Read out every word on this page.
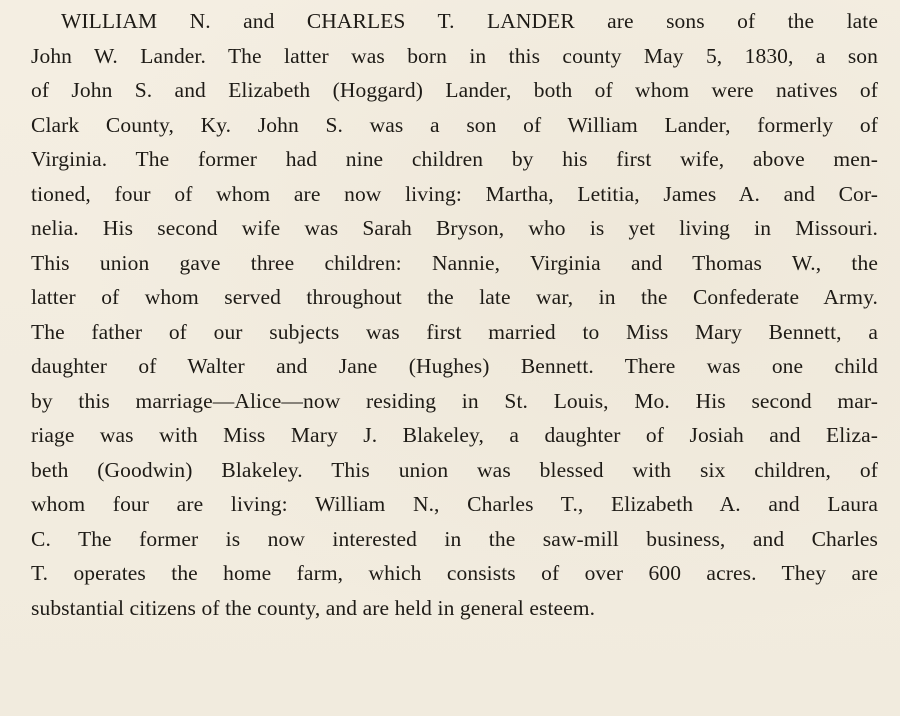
WILLIAM N. and CHARLES T. LANDER are sons of the late
John W. Lander. The latter was born in this county May 5, 1830, a son
of John S. and Elizabeth (Hoggard) Lander, both of whom were natives of
Clark County, Ky. John S. was a son of William Lander, formerly of
Virginia. The former had nine children by his first wife, above men-
tioned, four of whom are now living: Martha, Letitia, James A. and Cor-
nelia. His second wife was Sarah Bryson, who is yet living in Missouri.
This union gave three children: Nannie, Virginia and Thomas W., the
latter of whom served throughout the late war, in the Confederate Army.
The father of our subjects was first married to Miss Mary Bennett, a
daughter of Walter and Jane (Hughes) Bennett. There was one child
by this marriage—Alice—now residing in St. Louis, Mo. His second mar-
riage was with Miss Mary J. Blakeley, a daughter of Josiah and Eliza-
beth (Goodwin) Blakeley. This union was blessed with six children, of
whom four are living: William N., Charles T., Elizabeth A. and Laura
C. The former is now interested in the saw-mill business, and Charles
T. operates the home farm, which consists of over 600 acres. They are
substantial citizens of the county, and are held in general esteem.
